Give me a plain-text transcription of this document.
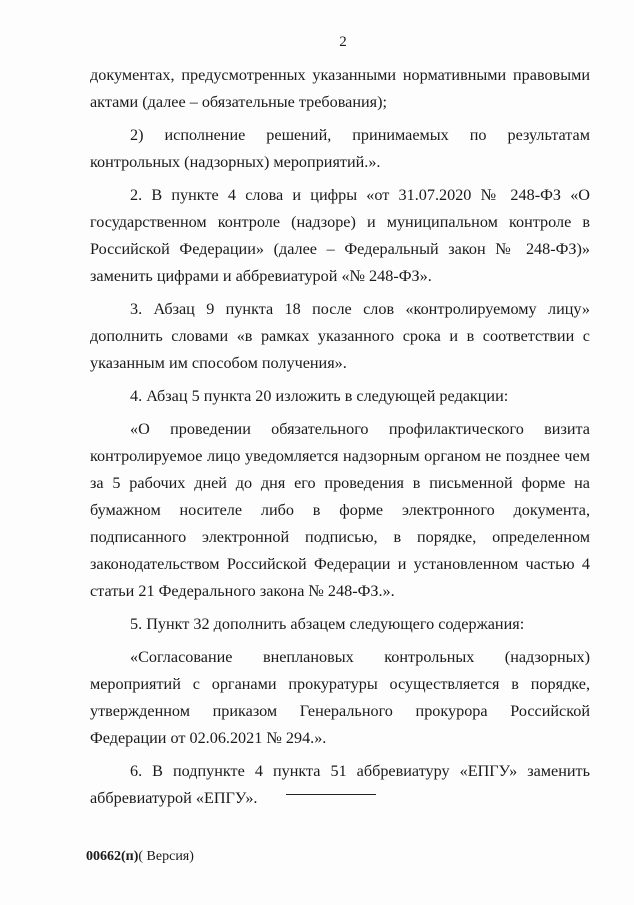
2

документах, предусмотренных указанными нормативными правовыми актами (далее – обязательные требования);

2) исполнение решений, принимаемых по результатам контрольных (надзорных) мероприятий.».

2. В пункте 4 слова и цифры «от 31.07.2020 № 248-ФЗ «О государственном контроле (надзоре) и муниципальном контроле в Российской Федерации» (далее – Федеральный закон № 248-ФЗ)» заменить цифрами и аббревиатурой «№ 248-ФЗ».

3. Абзац 9 пункта 18 после слов «контролируемому лицу» дополнить словами «в рамках указанного срока и в соответствии с указанным им способом получения».

4. Абзац 5 пункта 20 изложить в следующей редакции:

«О проведении обязательного профилактического визита контролируемое лицо уведомляется надзорным органом не позднее чем за 5 рабочих дней до дня его проведения в письменной форме на бумажном носителе либо в форме электронного документа, подписанного электронной подписью, в порядке, определенном законодательством Российской Федерации и установленном частью 4 статьи 21 Федерального закона № 248-ФЗ.».

5. Пункт 32 дополнить абзацем следующего содержания:

«Согласование внеплановых контрольных (надзорных) мероприятий с органами прокуратуры осуществляется в порядке, утвержденном приказом Генерального прокурора Российской Федерации от 02.06.2021 № 294.».

6. В подпункте 4 пункта 51 аббревиатуру «ЕПГУ» заменить аббревиатурой «ЕПГУ».

00662(п)( Версия)
